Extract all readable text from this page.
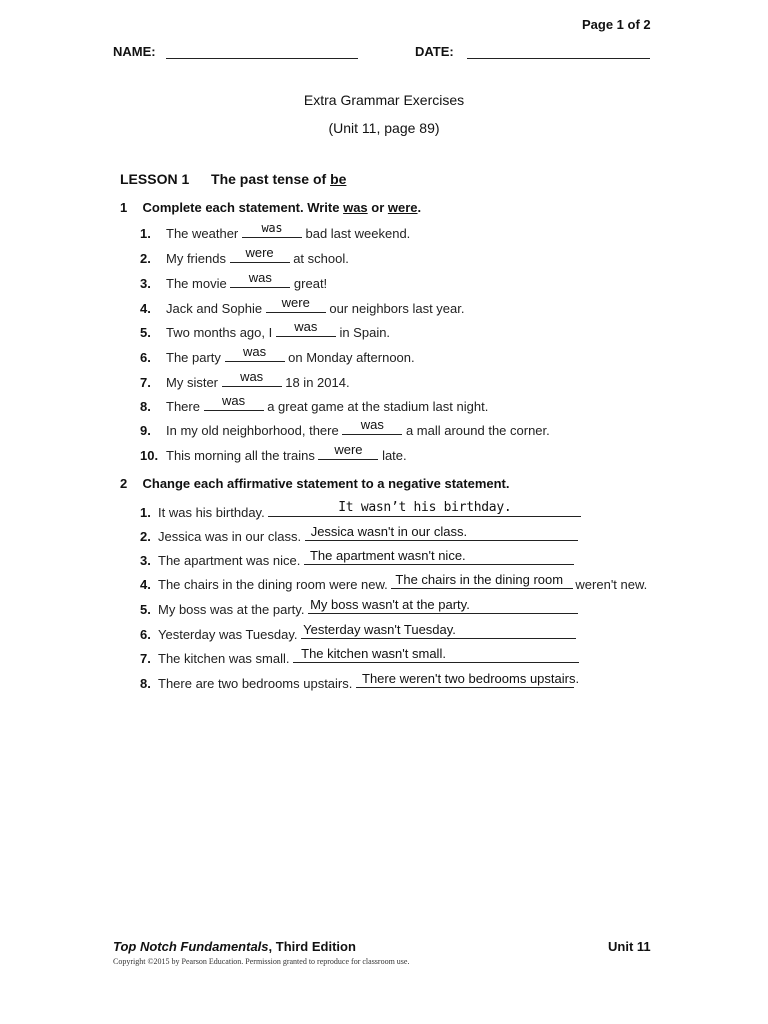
Page 1 of 2
NAME:	DATE:
Extra Grammar Exercises
(Unit 11, page 89)
LESSON 1 The past tense of be
1 Complete each statement. Write was or were.
1. The weather	was	bad last weekend.
2. My friends	were	at school.
3. The movie	was	great!
4. Jack and Sophie	were	our neighbors last year.
5. Two months ago, I	was	in Spain.
6. The party	was	on Monday afternoon.
7. My sister	was	18 in 2014.
8. There	was	a great game at the stadium last night.
9. In my old neighborhood, there	was	a mall around the corner.
10. This morning all the trains	were	late.
2 Change each affirmative statement to a negative statement.
1. It was his birthday.	It wasn’t his birthday.
2. Jessica was in our class. Jessica wasn't in our class.
3. The apartment was nice. The apartment wasn't nice.
4. The chairs in the dining room were new. The chairs in the dining room weren't new.
5. My boss was at the party. My boss wasn't at the party.
6. Yesterday was Tuesday. Yesterday wasn't Tuesday.
7. The kitchen was small. The kitchen wasn't small.
8. There are two bedrooms upstairs. There weren't two bedrooms upstairs.
Top Notch Fundamentals, Third Edition	Unit 11
Copyright ©2015 by Pearson Education. Permission granted to reproduce for classroom use.
